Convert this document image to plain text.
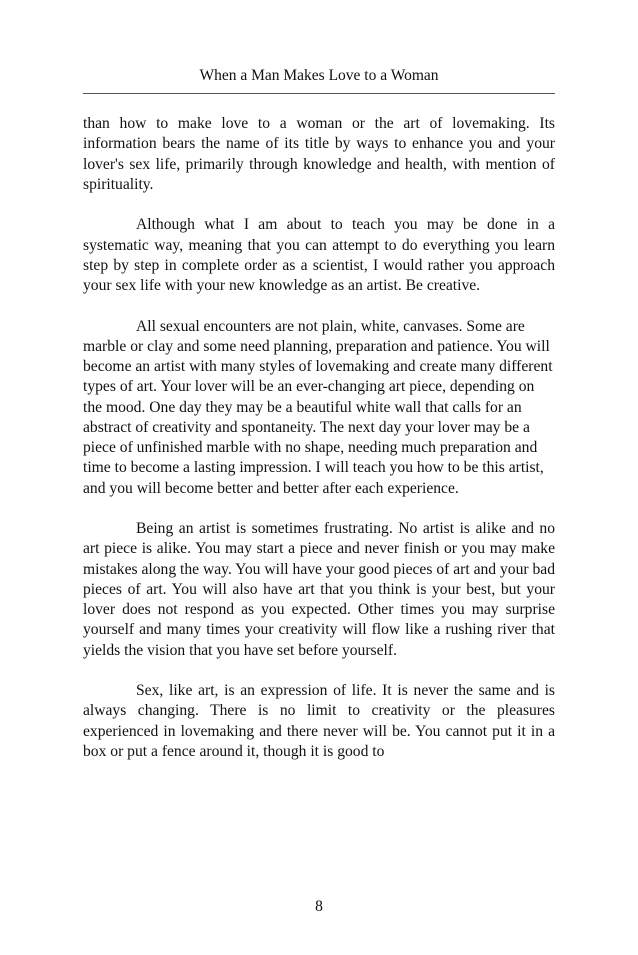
When a Man Makes Love to a Woman

than how to make love to a woman or the art of lovemaking. Its information bears the name of its title by ways to enhance you and your lover's sex life, primarily through knowledge and health, with mention of spirituality.

Although what I am about to teach you may be done in a systematic way, meaning that you can attempt to do everything you learn step by step in complete order as a scientist, I would rather you approach your sex life with your new knowledge as an artist. Be creative.

All sexual encounters are not plain, white, canvases. Some are marble or clay and some need planning, preparation and patience. You will become an artist with many styles of lovemaking and create many different types of art. Your lover will be an ever-changing art piece, depending on the mood. One day they may be a beautiful white wall that calls for an abstract of creativity and spontaneity. The next day your lover may be a piece of unfinished marble with no shape, needing much preparation and time to become a lasting impression. I will teach you how to be this artist, and you will become better and better after each experience.

Being an artist is sometimes frustrating. No artist is alike and no art piece is alike. You may start a piece and never finish or you may make mistakes along the way. You will have your good pieces of art and your bad pieces of art. You will also have art that you think is your best, but your lover does not respond as you expected. Other times you may surprise yourself and many times your creativity will flow like a rushing river that yields the vision that you have set before yourself.

Sex, like art, is an expression of life. It is never the same and is always changing. There is no limit to creativity or the pleasures experienced in lovemaking and there never will be. You cannot put it in a box or put a fence around it, though it is good to

8
